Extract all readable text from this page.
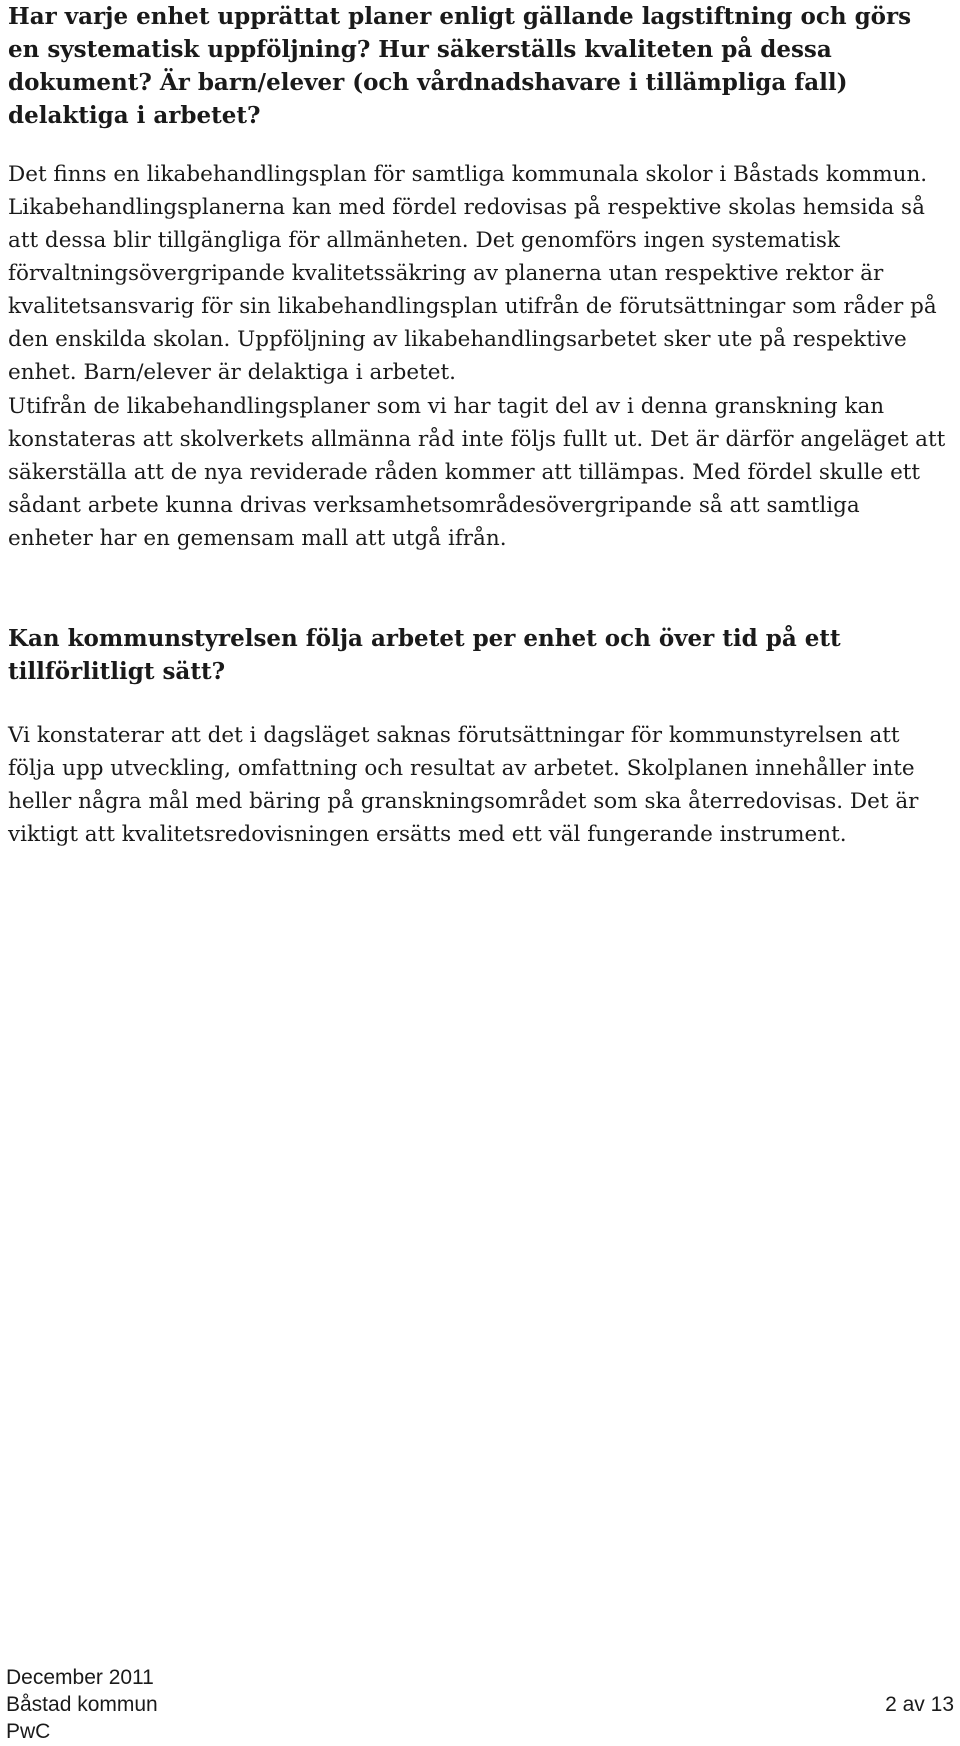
Har varje enhet upprättat planer enligt gällande lagstiftning och görs en systematisk uppföljning? Hur säkerställs kvaliteten på dessa dokument? Är barn/elever (och vårdnadshavare i tillämpliga fall) delaktiga i arbetet?

Det finns en likabehandlingsplan för samtliga kommunala skolor i Båstads kommun. Likabehandlingsplanerna kan med fördel redovisas på respektive skolas hemsida så att dessa blir tillgängliga för allmänheten. Det genomförs ingen systematisk förvaltningsövergripande kvalitetssäkring av planerna utan respektive rektor är kvalitetsansvarig för sin likabehandlingsplan utifrån de förutsättningar som råder på den enskilda skolan. Uppföljning av likabehandlingsarbetet sker ute på respektive enhet. Barn/elever är delaktiga i arbetet.

Utifrån de likabehandlingsplaner som vi har tagit del av i denna granskning kan konstateras att skolverkets allmänna råd inte följs fullt ut. Det är därför angeläget att säkerställa att de nya reviderade råden kommer att tillämpas. Med fördel skulle ett sådant arbete kunna drivas verksamhetsområdesövergripande så att samtliga enheter har en gemensam mall att utgå ifrån.

Kan kommunstyrelsen följa arbetet per enhet och över tid på ett tillförlitligt sätt?

Vi konstaterar att det i dagsläget saknas förutsättningar för kommunstyrelsen att följa upp utveckling, omfattning och resultat av arbetet. Skolplanen innehåller inte heller några mål med bäring på granskningsområdet som ska återredovisas. Det är viktigt att kvalitetsredovisningen ersätts med ett väl fungerande instrument.

December 2011
Båstad kommun	2 av 13
PwC
